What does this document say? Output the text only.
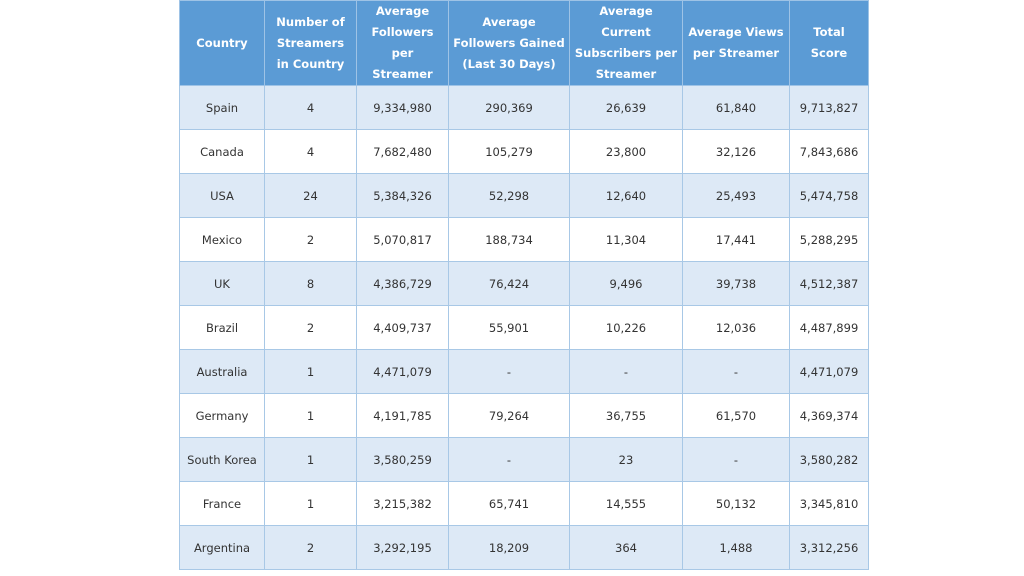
Country	Number of Streamers in Country	Average Followers per Streamer	Average Followers Gained (Last 30 Days)	Average Current Subscribers per Streamer	Average Views per Streamer	Total Score
Spain	4	9,334,980	290,369	26,639	61,840	9,713,827
Canada	4	7,682,480	105,279	23,800	32,126	7,843,686
USA	24	5,384,326	52,298	12,640	25,493	5,474,758
Mexico	2	5,070,817	188,734	11,304	17,441	5,288,295
UK	8	4,386,729	76,424	9,496	39,738	4,512,387
Brazil	2	4,409,737	55,901	10,226	12,036	4,487,899
Australia	1	4,471,079	-	-	-	4,471,079
Germany	1	4,191,785	79,264	36,755	61,570	4,369,374
South Korea	1	3,580,259	-	23	-	3,580,282
France	1	3,215,382	65,741	14,555	50,132	3,345,810
Argentina	2	3,292,195	18,209	364	1,488	3,312,256
